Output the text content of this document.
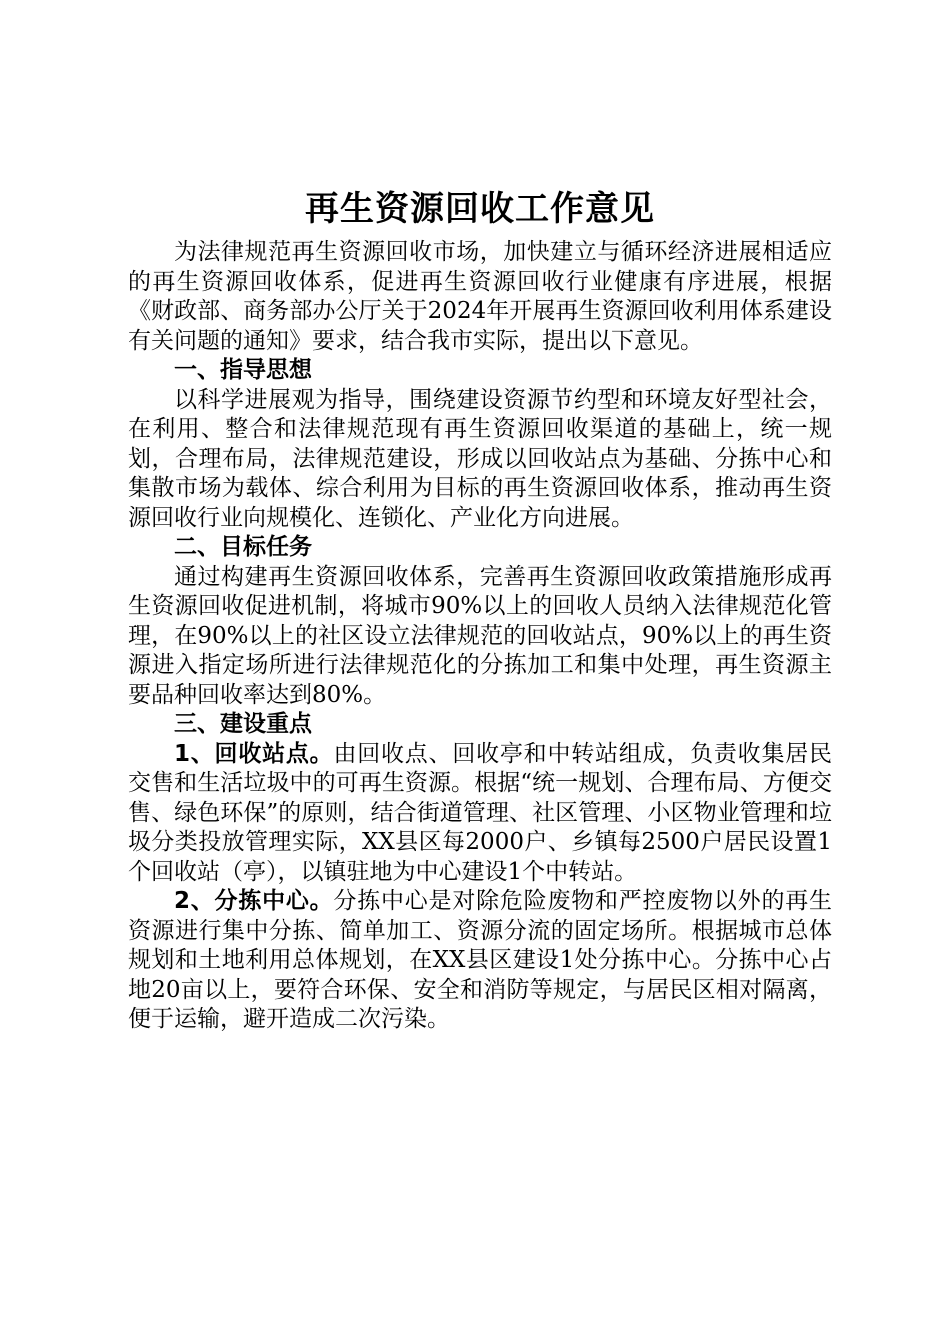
再生资源回收工作意见

为法律规范再生资源回收市场，加快建立与循环经济进展相适应的再生资源回收体系，促进再生资源回收行业健康有序进展，根据《财政部、商务部办公厅关于2024年开展再生资源回收利用体系建设有关问题的通知》要求，结合我市实际，提出以下意见。

一、指导思想

以科学进展观为指导，围绕建设资源节约型和环境友好型社会，在利用、整合和法律规范现有再生资源回收渠道的基础上，统一规划，合理布局，法律规范建设，形成以回收站点为基础、分拣中心和集散市场为载体、综合利用为目标的再生资源回收体系，推动再生资源回收行业向规模化、连锁化、产业化方向进展。

二、目标任务

通过构建再生资源回收体系，完善再生资源回收政策措施形成再生资源回收促进机制，将城市90%以上的回收人员纳入法律规范化管理，在90%以上的社区设立法律规范的回收站点，90%以上的再生资源进入指定场所进行法律规范化的分拣加工和集中处理，再生资源主要品种回收率达到80%。

三、建设重点

1、回收站点。由回收点、回收亭和中转站组成，负责收集居民交售和生活垃圾中的可再生资源。根据“统一规划、合理布局、方便交售、绿色环保”的原则，结合街道管理、社区管理、小区物业管理和垃圾分类投放管理实际，XX县区每2000户、乡镇每2500户居民设置1个回收站（亭），以镇驻地为中心建设1个中转站。

2、分拣中心。分拣中心是对除危险废物和严控废物以外的再生资源进行集中分拣、简单加工、资源分流的固定场所。根据城市总体规划和土地利用总体规划，在XX县区建设1处分拣中心。分拣中心占地20亩以上，要符合环保、安全和消防等规定，与居民区相对隔离，便于运输，避开造成二次污染。
